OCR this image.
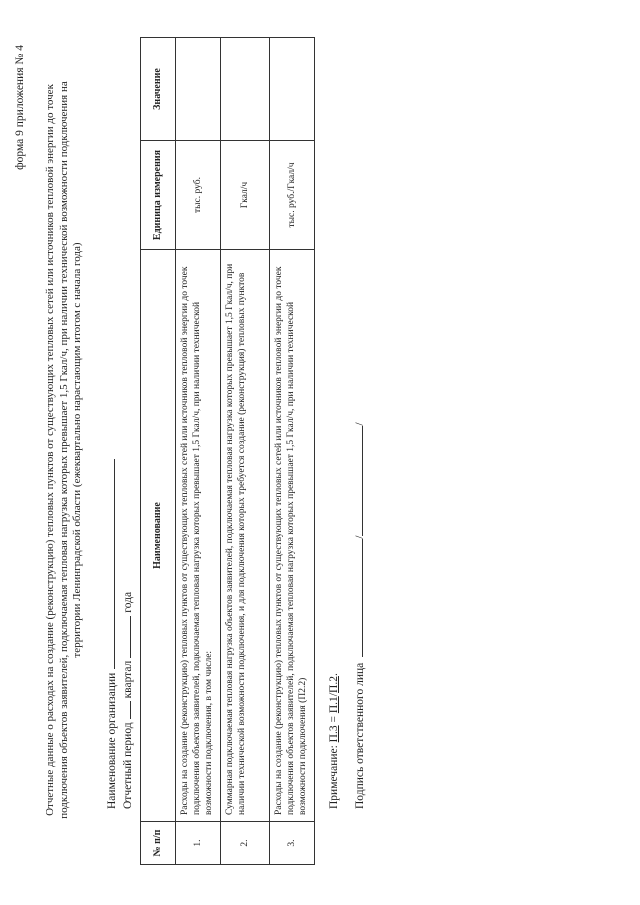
форма 9 приложения № 4 Отчетные данные о расходах на создание (реконструкцию) тепловых пунктов от существующих тепловых сетей или источников тепловой энергии до точек подключения объектов заявителей, подключаемая тепловая нагрузка которых превышает 1,5 Гкал/ч, при наличии технической возможности подключения на территории Ленинградской области (ежеквартально нарастающим итогом с начала года)
Наименование организации Отчетный периодкварталгода
№ п/п	Наименование	Единица измерения	Значение
1.	Расходы на создание (реконструкцию) тепловых пунктов от существующих тепловых сетей или источников тепловой энергии до точек подключения объектов заявителей, подключаемая тепловая нагрузка которых превышает 1,5 Гкал/ч, при наличии технической возможности подключения, в том числе:	тыс. руб.	
2.	Суммарная подключаемая тепловая нагрузка объектов заявителей, подключаемая тепловая нагрузка которых превышает 1,5 Гкал/ч, при наличии технической возможности подключения, и для подключения которых требуется создание (реконструкция) тепловых пунктов	Гкал/ч	
3.	Расходы на создание (реконструкцию) тепловых пунктов от существующих тепловых сетей или источников тепловой энергии до точек подключения объектов заявителей, подключаемая тепловая нагрузка которых превышает 1,5 Гкал/ч, при наличии технической возможности подключения (П2.2)	тыс. руб./Гкал/ч	
Примечание: П.3 = П.1/П.2. Подпись ответственного лица//
